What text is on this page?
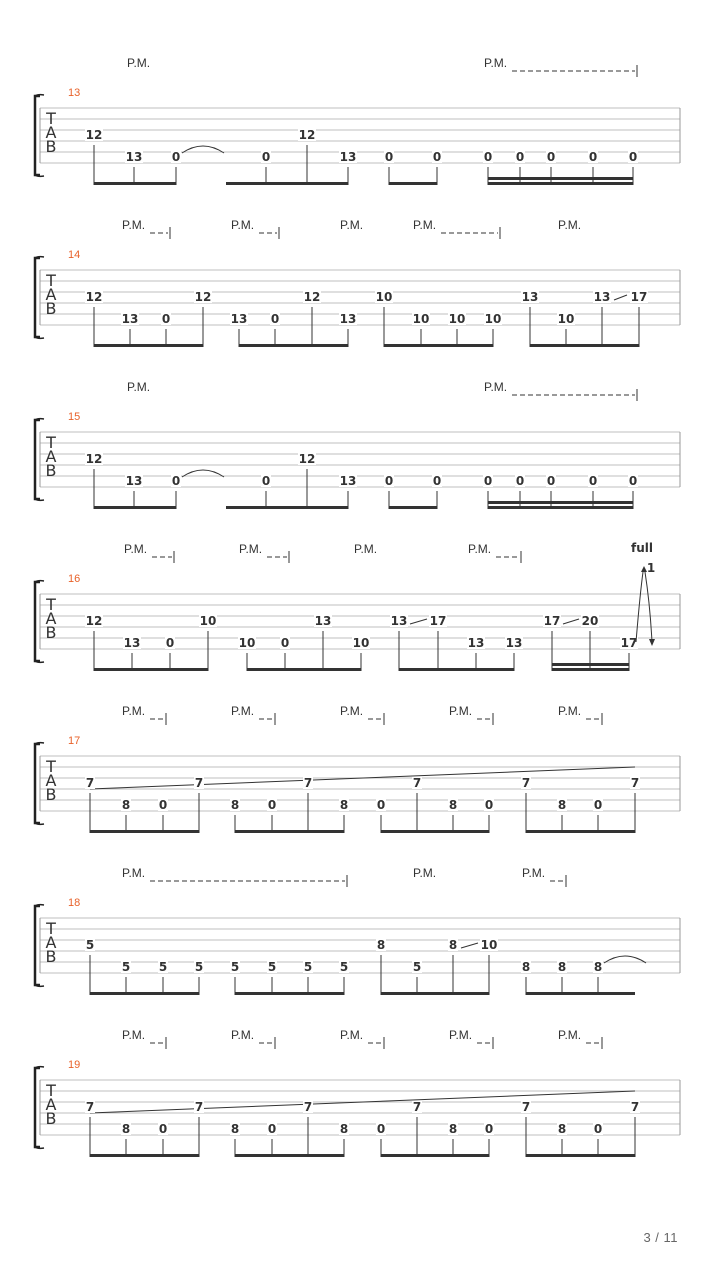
T
A
B
13
P.M.	P.M.
12
13 0	0
12
13 0	0	0 0 0	0	0
T
A
B
14
P.M.	P.M.	P.M.	P.M.	P.M.
12
13 0
12
13 0
12
13
10
10 10 10
13
10
13 17
T
A
B
15
P.M.	P.M.
12
13 0	0
12
13 0	0	0 0 0	0	0
T
A
B
16
P.M.	P.M.	P.M.	P.M.
12
13 0
10
10 0
13
10
13 17
13 13
17 20
17
full
1
T
A
B
17
P.M.	P.M.	P.M.	P.M.	P.M.
7
8 0
7
8 0
7
8 0
7
8 0
7
8 0
7
T
A
B
18
P.M.	P.M.	P.M.
5
5 5 5 5 5 5 5
8
5
8 10
8 8 8
T
A
B
19
P.M.	P.M.	P.M.	P.M.	P.M.
7
8 0
7
8 0
7
8 0
7
8 0
7
8 0
7
3 / 11
